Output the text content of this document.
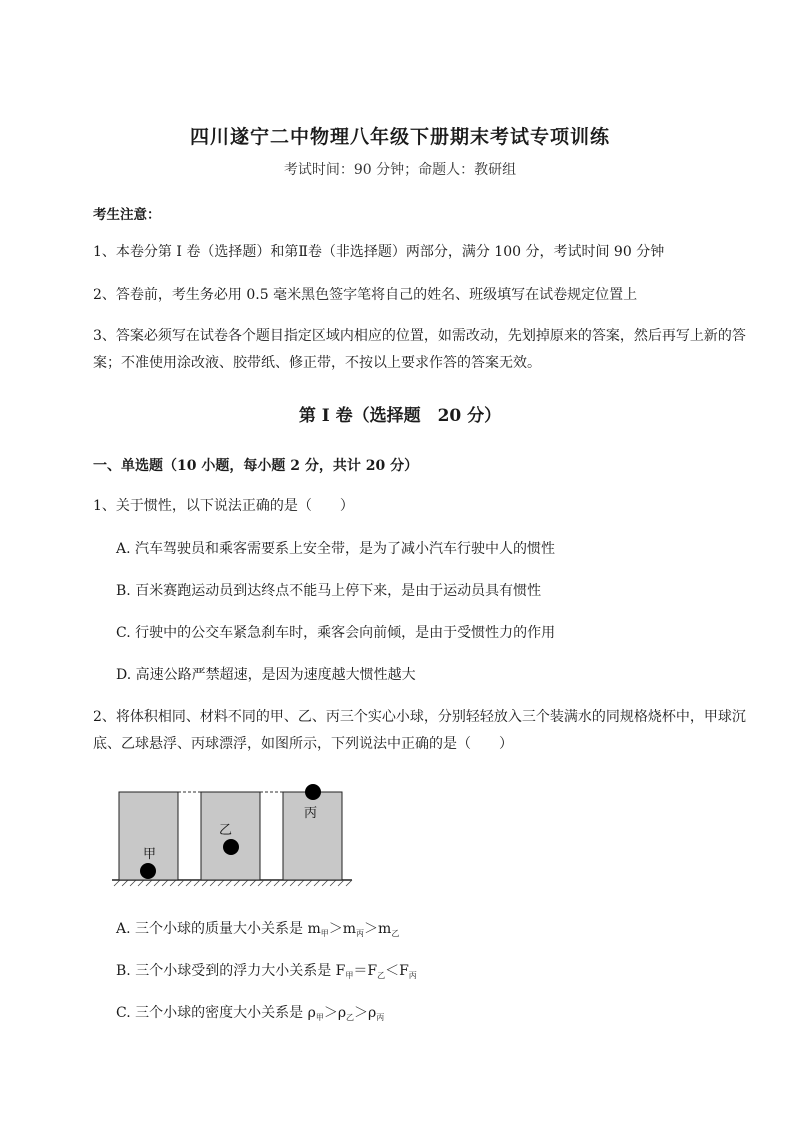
四川遂宁二中物理八年级下册期末考试专项训练
考试时间：90 分钟；命题人：教研组
考生注意：
1、本卷分第 I 卷（选择题）和第Ⅱ卷（非选择题）两部分，满分 100 分，考试时间 90 分钟
2、答卷前，考生务必用 0.5 毫米黑色签字笔将自己的姓名、班级填写在试卷规定位置上
3、答案必须写在试卷各个题目指定区域内相应的位置，如需改动，先划掉原来的答案，然后再写上新的答案；不准使用涂改液、胶带纸、修正带，不按以上要求作答的答案无效。
第 I 卷（选择题　20 分）
一、单选题（10 小题，每小题 2 分，共计 20 分）
1、关于惯性，以下说法正确的是（　　）
A. 汽车驾驶员和乘客需要系上安全带，是为了减小汽车行驶中人的惯性
B. 百米赛跑运动员到达终点不能马上停下来，是由于运动员具有惯性
C. 行驶中的公交车紧急刹车时，乘客会向前倾，是由于受惯性力的作用
D. 高速公路严禁超速，是因为速度越大惯性越大
2、将体积相同、材料不同的甲、乙、丙三个实心小球，分别轻轻放入三个装满水的同规格烧杯中，甲球沉底、乙球悬浮、丙球漂浮，如图所示，下列说法中正确的是（　　）
甲
乙
丙
A. 三个小球的质量大小关系是 $m_甲>m_丙>m_乙$
B. 三个小球受到的浮力大小关系是 $F_甲=F_乙<F_丙$
C. 三个小球的密度大小关系是 $\rho_甲>\rho_乙>\rho_丙$
